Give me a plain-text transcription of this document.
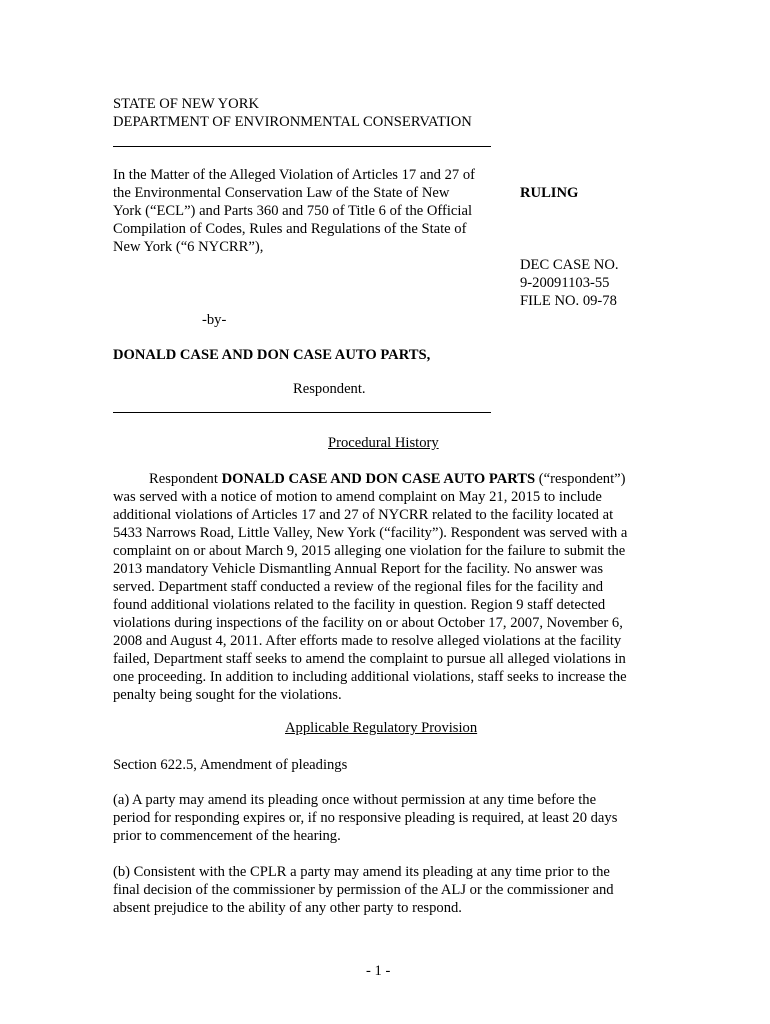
STATE OF NEW YORK
DEPARTMENT OF ENVIRONMENTAL CONSERVATION
In the Matter of the Alleged Violation of Articles 17 and 27 of
the Environmental Conservation Law of the State of New
York (“ECL”) and Parts 360 and 750 of Title 6 of the Official
Compilation of Codes, Rules and Regulations of the State of
New York (“6 NYCRR”),
RULING
DEC CASE NO.
9-20091103-55
FILE NO. 09-78
-by-
DONALD CASE AND DON CASE AUTO PARTS,
Respondent.
Procedural History
Respondent DONALD CASE AND DON CASE AUTO PARTS (“respondent”)
was served with a notice of motion to amend complaint on May 21, 2015 to include
additional violations of Articles 17 and 27 of NYCRR related to the facility located at
5433 Narrows Road, Little Valley, New York (“facility”). Respondent was served with a
complaint on or about March 9, 2015 alleging one violation for the failure to submit the
2013 mandatory Vehicle Dismantling Annual Report for the facility. No answer was
served. Department staff conducted a review of the regional files for the facility and
found additional violations related to the facility in question. Region 9 staff detected
violations during inspections of the facility on or about October 17, 2007, November 6,
2008 and August 4, 2011. After efforts made to resolve alleged violations at the facility
failed, Department staff seeks to amend the complaint to pursue all alleged violations in
one proceeding. In addition to including additional violations, staff seeks to increase the
penalty being sought for the violations.
Applicable Regulatory Provision
Section 622.5, Amendment of pleadings
(a) A party may amend its pleading once without permission at any time before the
period for responding expires or, if no responsive pleading is required, at least 20 days
prior to commencement of the hearing.
(b) Consistent with the CPLR a party may amend its pleading at any time prior to the
final decision of the commissioner by permission of the ALJ or the commissioner and
absent prejudice to the ability of any other party to respond.
- 1 -
